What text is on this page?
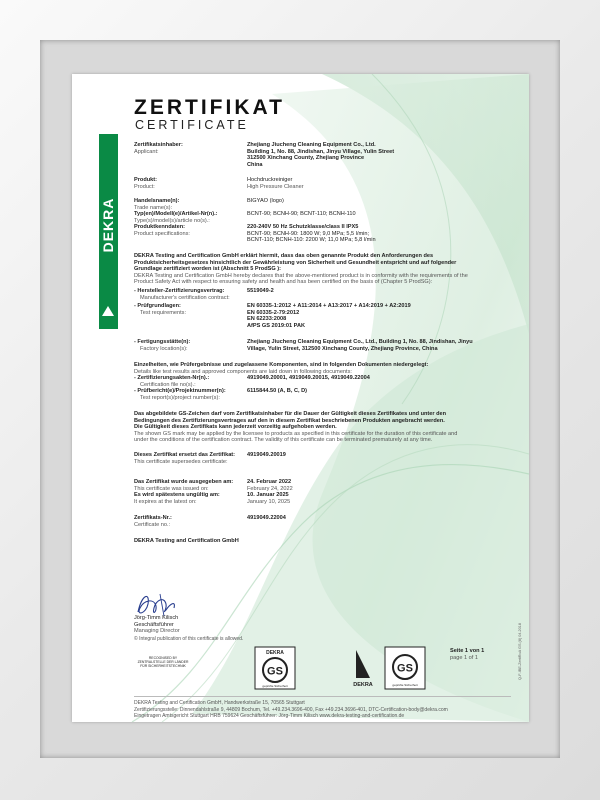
DEKRA
ZERTIFIKAT
CERTIFICATE
Zertifikatsinhaber:
Applicant:
Zhejiang Jiucheng Cleaning Equipment Co., Ltd.
Building 1, No. 88, Jindishan, Jinyu Village, Yulin Street
312500 Xinchang County, Zhejiang Province
China
Produkt:
Product:
Hochdruckreiniger
High Pressure Cleaner
Handelsname(n):
Trade name(s):
BIGYAO (logo)
Typ(en)/Modell(e)/Artikel-Nr(n).:
Type(s)/model(s)/article no(s).:
BCNT-90; BCNH-90; BCNT-110; BCNH-110
Produktkenndaten:
Product specifications:
220-240V 50 Hz Schutzklasse/class II IPX5
BCNT-90; BCNH-90: 1800 W; 9,0 MPa; 5,5 l/min;
BCNT-110; BCNH-110: 2200 W; 11,0 MPa; 5,8 l/min
DEKRA Testing and Certification GmbH erklärt hiermit, dass das oben genannte Produkt den Anforderungen des
Produktsicherheitsgesetzes hinsichtlich der Gewährleistung von Sicherheit und Gesundheit entspricht und auf folgender
Grundlage zertifiziert worden ist (Abschnitt 5 ProdSG ):
DEKRA Testing and Certification GmbH hereby declares that the above-mentioned product is in conformity with the requirements of the
Product Safety Act with respect to ensuring safety and health and has been certified on the basis of (Chapter 5 ProdSG):
- Hersteller-Zertifizierungsvertrag:
Manufacturer's certification contract:
5519049-2
- Prüfgrundlagen:
Test requirements:
EN 60335-1:2012 + A11:2014 + A13:2017 + A14:2019 + A2:2019
EN 60335-2-79:2012
EN 62233:2008
AfPS GS 2019:01 PAK
- Fertigungsstätte(n):
Factory location(s):
Zhejiang Jiucheng Cleaning Equipment Co., Ltd., Building 1, No. 88, Jindishan, Jinyu
Village, Yulin Street, 312500 Xinchang County, Zhejiang Province, China
Einzelheiten, wie Prüfergebnisse und zugelassene Komponenten, sind in folgenden Dokumenten niedergelegt:
Details like test results and approved components are laid down in following documents:
- Zertifizierungsakten-Nr(n).:
Certification file no(s).:
4919049.20001, 4919049.20015, 4919049.22004
- Prüfbericht(e)/Projektnummer(n):
Test report(s)/project number(s):
6115844.50 (A, B, C, D)
Das abgebildete GS-Zeichen darf vom Zertifikatsinhaber für die Dauer der Gültigkeit dieses Zertifikates und unter den
Bedingungen des Zertifizierungsvertrages auf den in diesem Zertifikat beschriebenen Produkten angebracht werden.
Die Gültigkeit dieses Zertifikats kann jederzeit vorzeitig aufgehoben werden.
The shown GS mark may be applied by the licensee to products as specified in this certificate for the duration of this certificate and
under the conditions of the certification contract. The validity of this certificate can be terminated prematurely at any time.
Dieses Zertifikat ersetzt das Zertifikat:
This certificate supersedes certificate:
4919049.20019
Das Zertifikat wurde ausgegeben am:
This certificate was issued on:
24. Februar 2022
February 24, 2022
Es wird spätestens ungültig am:
It expires at the latest on:
10. Januar 2025
January 10, 2025
Zertifikats-Nr.:
Certificate no.:
4919049.22004
DEKRA Testing and Certification GmbH
Jörg-Timm Kilisch
Geschäftsführer
Managing Director
© Integral publication of this certificate is allowed.
RECOGNISED BY
ZENTRALSTELLE DER LÄNDER
FÜR SICHERHEITSTECHNIK
DEKRA
GS
geprüfte Sicherheit	DEKRA
GS
geprüfte Sicherheit
Seite 1 von 1
page 1 of 1	Q-F-IBE-ZertiRoA GS (8) 04.2018
DEKRA Testing and Certification GmbH, Handwerkstraße 15, 70565 Stuttgart
Zertifizierungsstelle: Dinnendahlstraße 9, 44809 Bochum, Tel. +49.234.3696-400, Fax +49.234.3696-401, DTC-Certification-body@dekra.com
Eingetragen Amtsgericht Stuttgart HRB 759624 Geschäftsführer: Jörg-Timm Kilisch www.dekra-testing-and-certification.de
